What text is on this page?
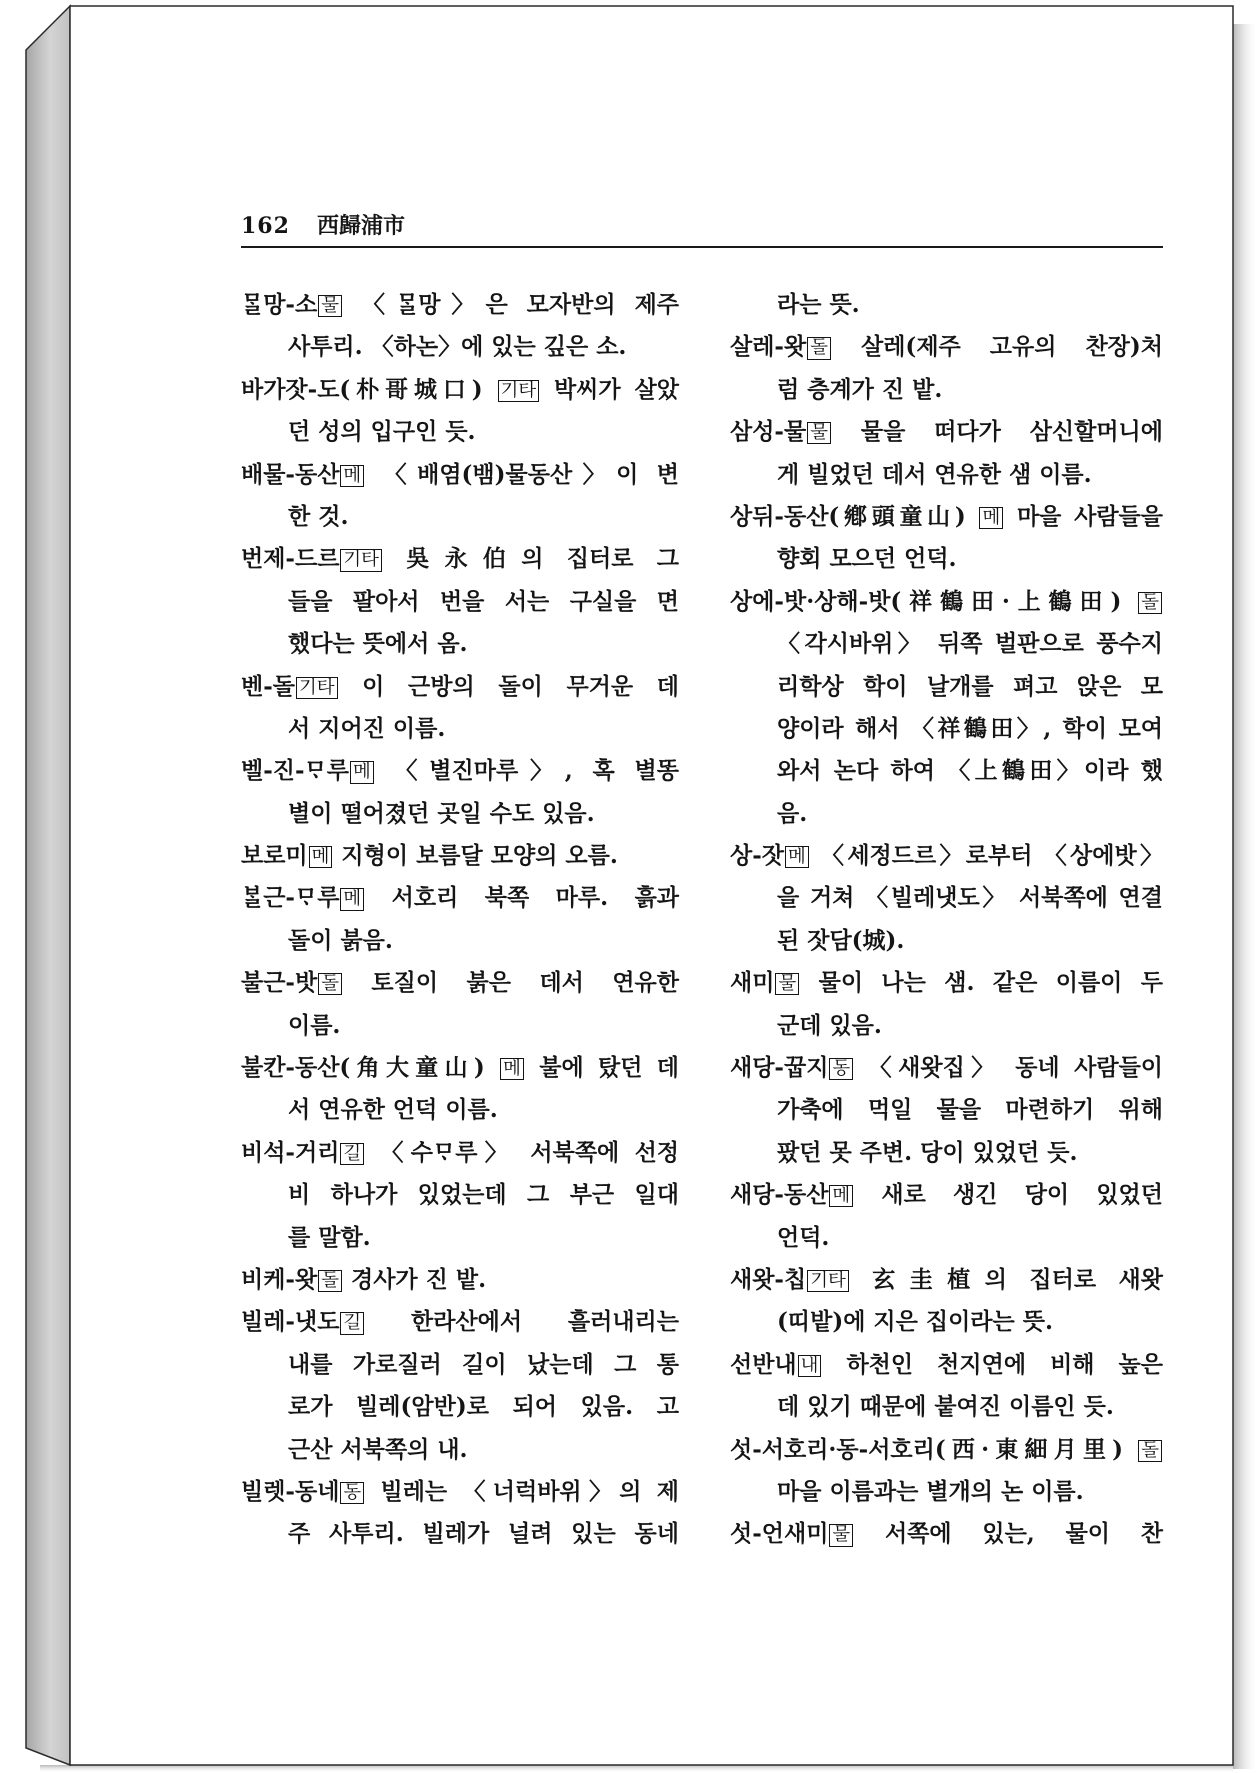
162 西歸浦市
ᄆᆞᆯ망-소 물 〈ᄆᆞᆯ망〉은 모자반의 제주
사투리. 〈하논〉에 있는 깊은 소.
바가잣-도(朴哥城口) 기타 박씨가 살았
던 성의 입구인 듯.
배물-동산 메 〈배염(뱀)물동산〉이 변
한 것.
번제-드르 기타 吳永伯의 집터로 그
들을 팔아서 번을 서는 구실을 면
했다는 뜻에서 옴.
벤-돌 기타 이 근방의 돌이 무거운 데
서 지어진 이름.
벨-진-ᄆᆞ루 메 〈별진마루〉, 혹 별똥
별이 떨어졌던 곳일 수도 있음.
보로미 메 지형이 보름달 모양의 오름.
ᄇᆞᆯ근-ᄆᆞ루 메 서호리 북쪽 마루. 흙과
돌이 붉음.
불근-밧 돌 토질이 붉은 데서 연유한
이름.
불칸-동산(角大童山) 메 불에 탔던 데
서 연유한 언덕 이름.
비석-거리 길 〈수ᄆᆞ루〉 서북쪽에 선정
비 하나가 있었는데 그 부근 일대
를 말함.
비케-왓 돌 경사가 진 밭.
빌레-냇도 길 한라산에서 흘러내리는
내를 가로질러 길이 났는데 그 통
로가 빌레(암반)로 되어 있음. 고
근산 서북쪽의 내.
빌렛-동네 동 빌레는 〈너럭바위〉의 제
주 사투리. 빌레가 널려 있는 동네
라는 뜻.
살레-왓 돌 살레(제주 고유의 찬장)처
럼 층계가 진 밭.
삼성-물 물 물을 떠다가 삼신할머니에
게 빌었던 데서 연유한 샘 이름.
상뒤-동산(鄕頭童山) 메 마을 사람들을
향회 모으던 언덕.
상에-밧·상해-밧(祥鶴田·上鶴田) 돌
〈각시바위〉 뒤쪽 벌판으로 풍수지
리학상 학이 날개를 펴고 앉은 모
양이라 해서 〈祥鶴田〉, 학이 모여
와서 논다 하여 〈上鶴田〉이라 했
음.
상-잣 메 〈세정드르〉로부터 〈상에밧〉
을 거쳐 〈빌레냇도〉 서북쪽에 연결
된 잣담(城).
새미 물 물이 나는 샘. 같은 이름이 두
군데 있음.
새당-꿉지 동 〈새왓집〉 동네 사람들이
가축에 먹일 물을 마련하기 위해
팠던 못 주변. 당이 있었던 듯.
새당-동산 메 새로 생긴 당이 있었던
언덕.
새왓-칩 기타 玄圭植의 집터로 새왓
(띠밭)에 지은 집이라는 뜻.
선반내 내 하천인 천지연에 비해 높은
데 있기 때문에 붙여진 이름인 듯.
섯-서호리·동-서호리(西·東細月里) 돌
마을 이름과는 별개의 논 이름.
섯-언새미 물 서쪽에 있는, 물이 찬
